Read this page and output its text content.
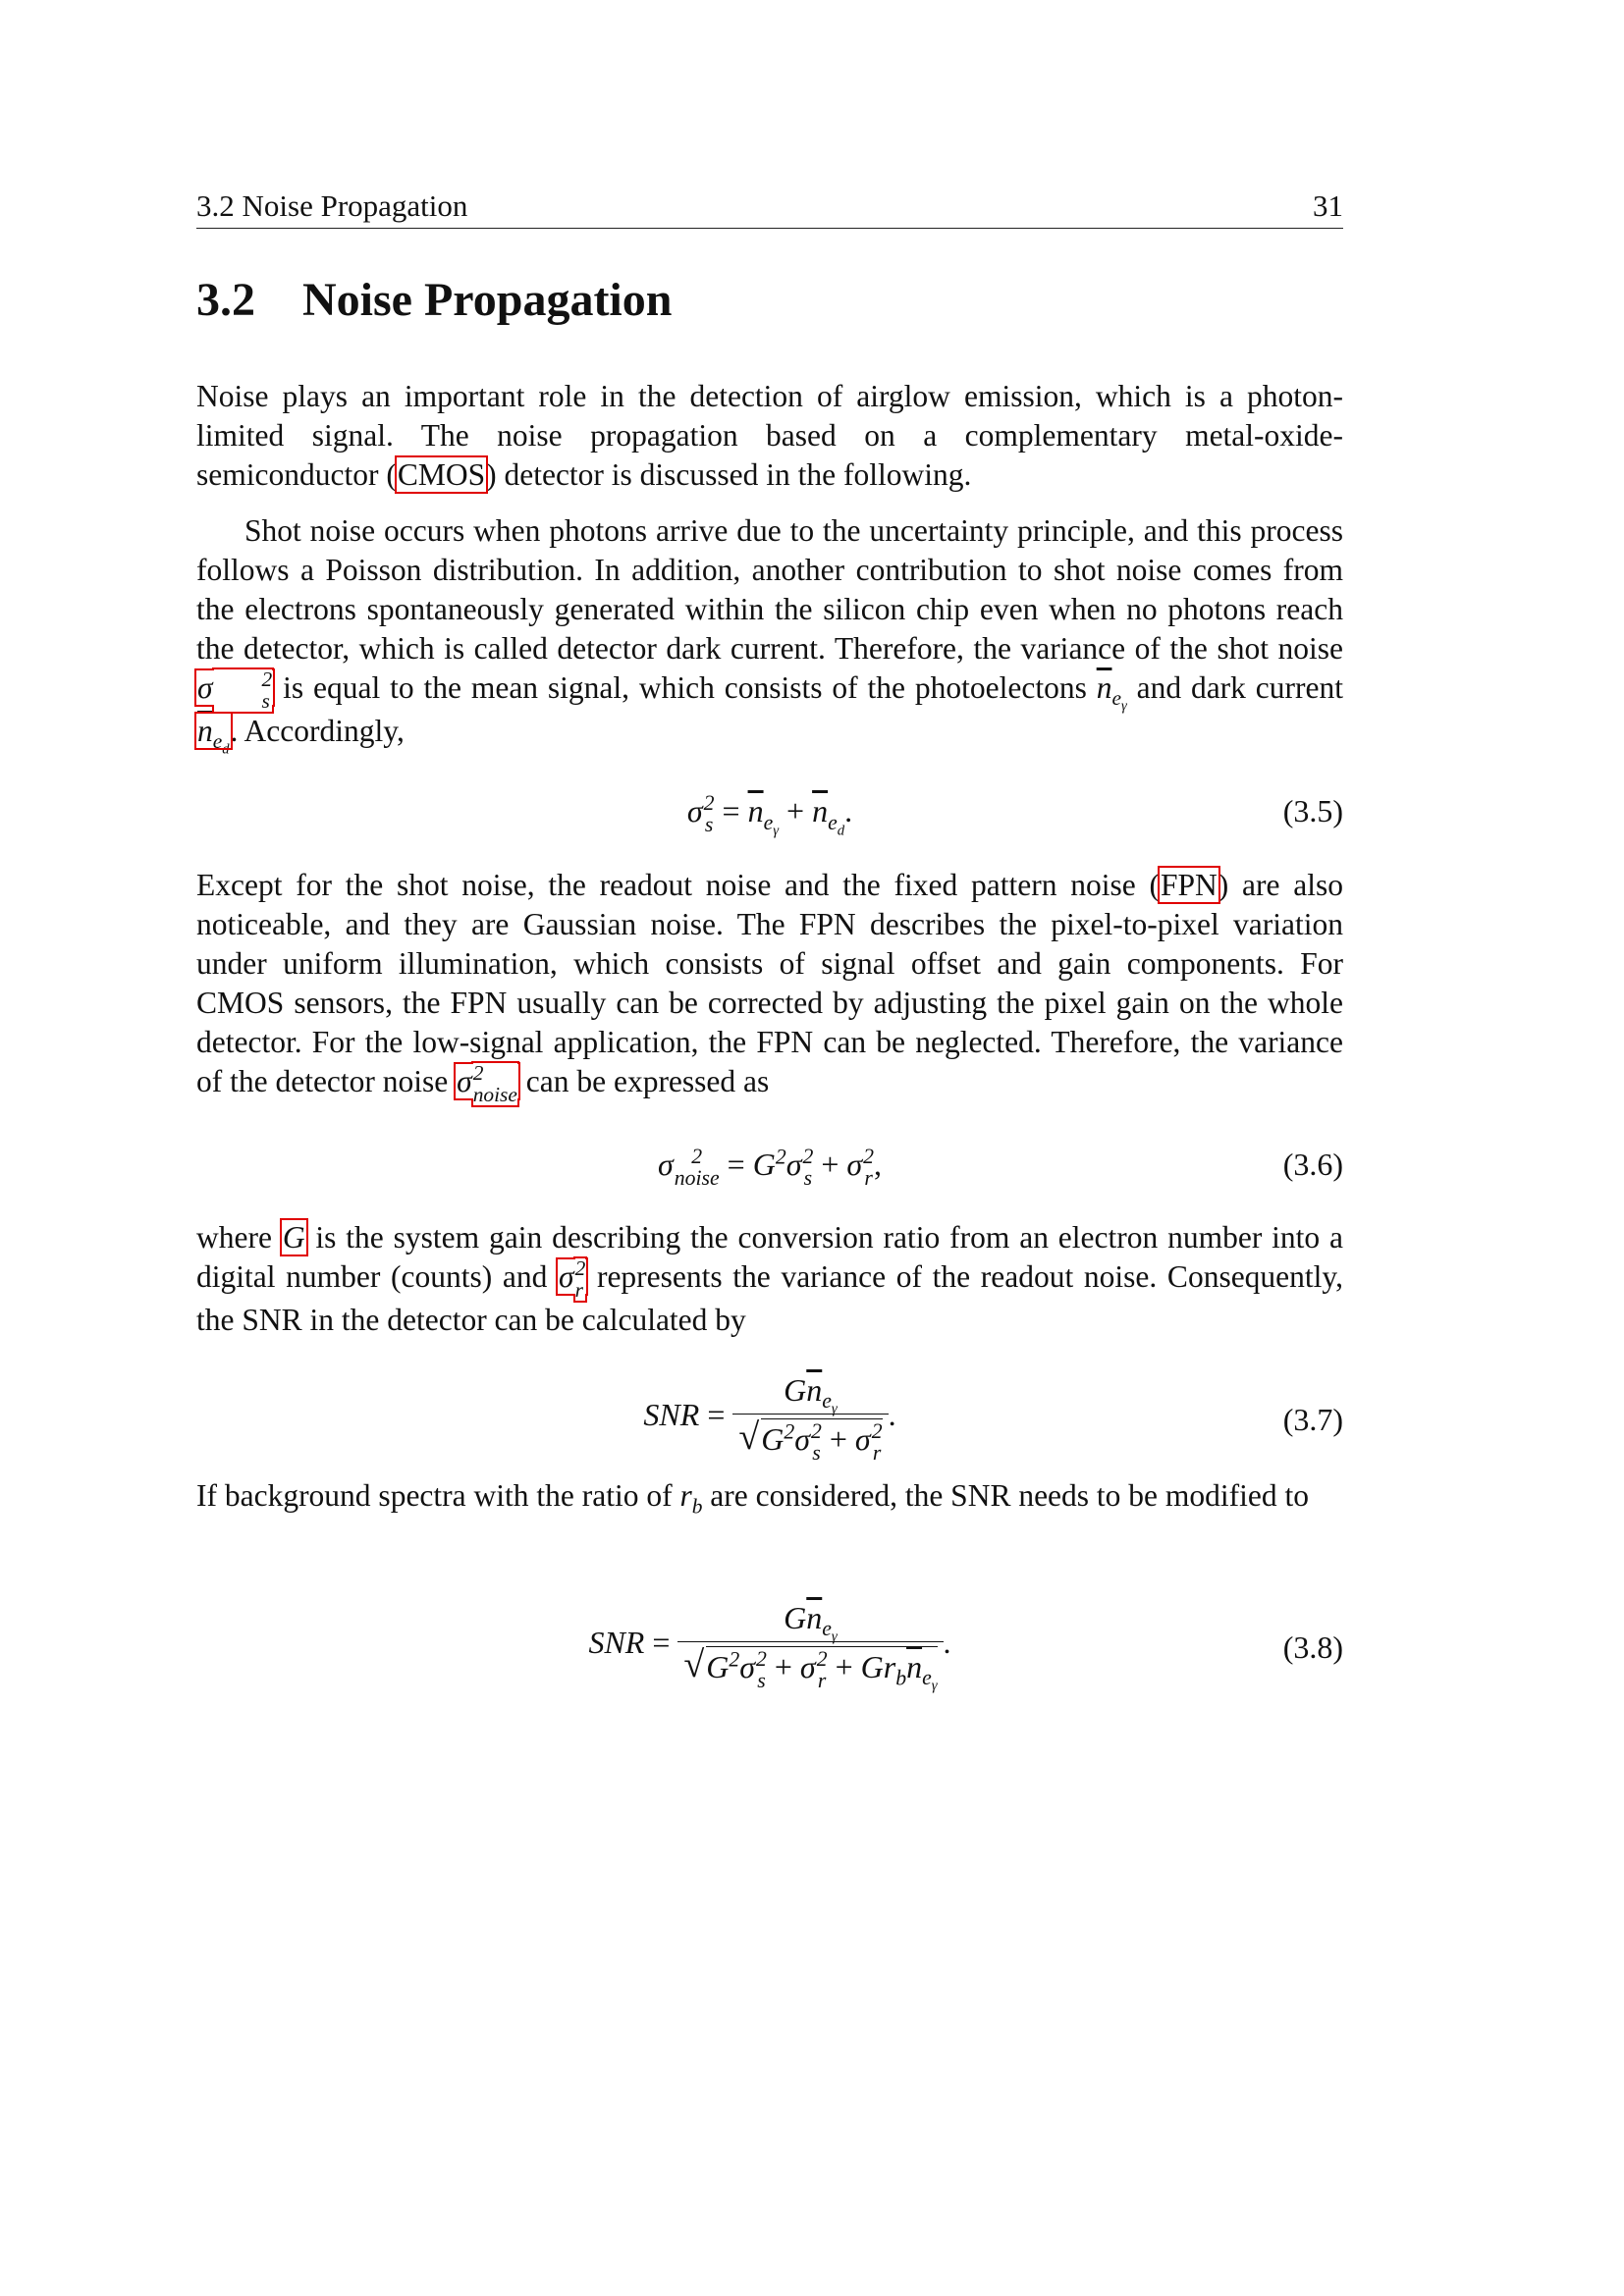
3.2 Noise Propagation	31
3.2 Noise Propagation

Noise plays an important role in the detection of airglow emission, which is a photon-limited signal. The noise propagation based on a complementary metal-oxide-semiconductor (CMOS) detector is discussed in the following.

Shot noise occurs when photons arrive due to the uncertainty principle, and this process follows a Poisson distribution. In addition, another contribution to shot noise comes from the electrons spontaneously generated within the silicon chip even when no photons reach the detector, which is called detector dark current. Therefore, the variance of the shot noise σ	2
s is equal to the mean signal, which consists of the photoelectons $\overline{n}_{e_\gamma}$ and dark current $\overline{n}_{e_d}$. Accordingly,

σ 2
$s = \overline{n}_{e_\gamma} + \overline{n}_{e_d}$.	(3.5)

Except for the shot noise, the readout noise and the fixed pattern noise (FPN) are also noticeable, and they are Gaussian noise. The FPN describes the pixel-to-pixel variation under uniform illumination, which consists of signal offset and gain components. For CMOS sensors, the FPN usually can be corrected by adjusting the pixel gain on the whole detector. For the low-signal application, the FPN can be neglected. Therefore, the variance of the detector noise σ 2
noise can be expressed as

σ 2
noise = $G^2\sigma$ 2
s + σ 2
r ,	(3.6)

where G is the system gain describing the conversion ratio from an electron number into a digital number (counts) and σ 2
r represents the variance of the readout noise. Consequently, the SNR in the detector can be calculated by

SNR = $G\overline{n}_{e_\gamma}$
√ $G^2\sigma$ 2
s + σ 2
r .	(3.7)

If background spectra with the ratio of $r_b$ are considered, the SNR needs to be modified to

SNR = $G\overline{n}_{e_\gamma}$
√ $G^2\sigma$ 2
s + σ 2
$r + Gr_b\overline{n}_{e_\gamma}$ .	(3.8)
